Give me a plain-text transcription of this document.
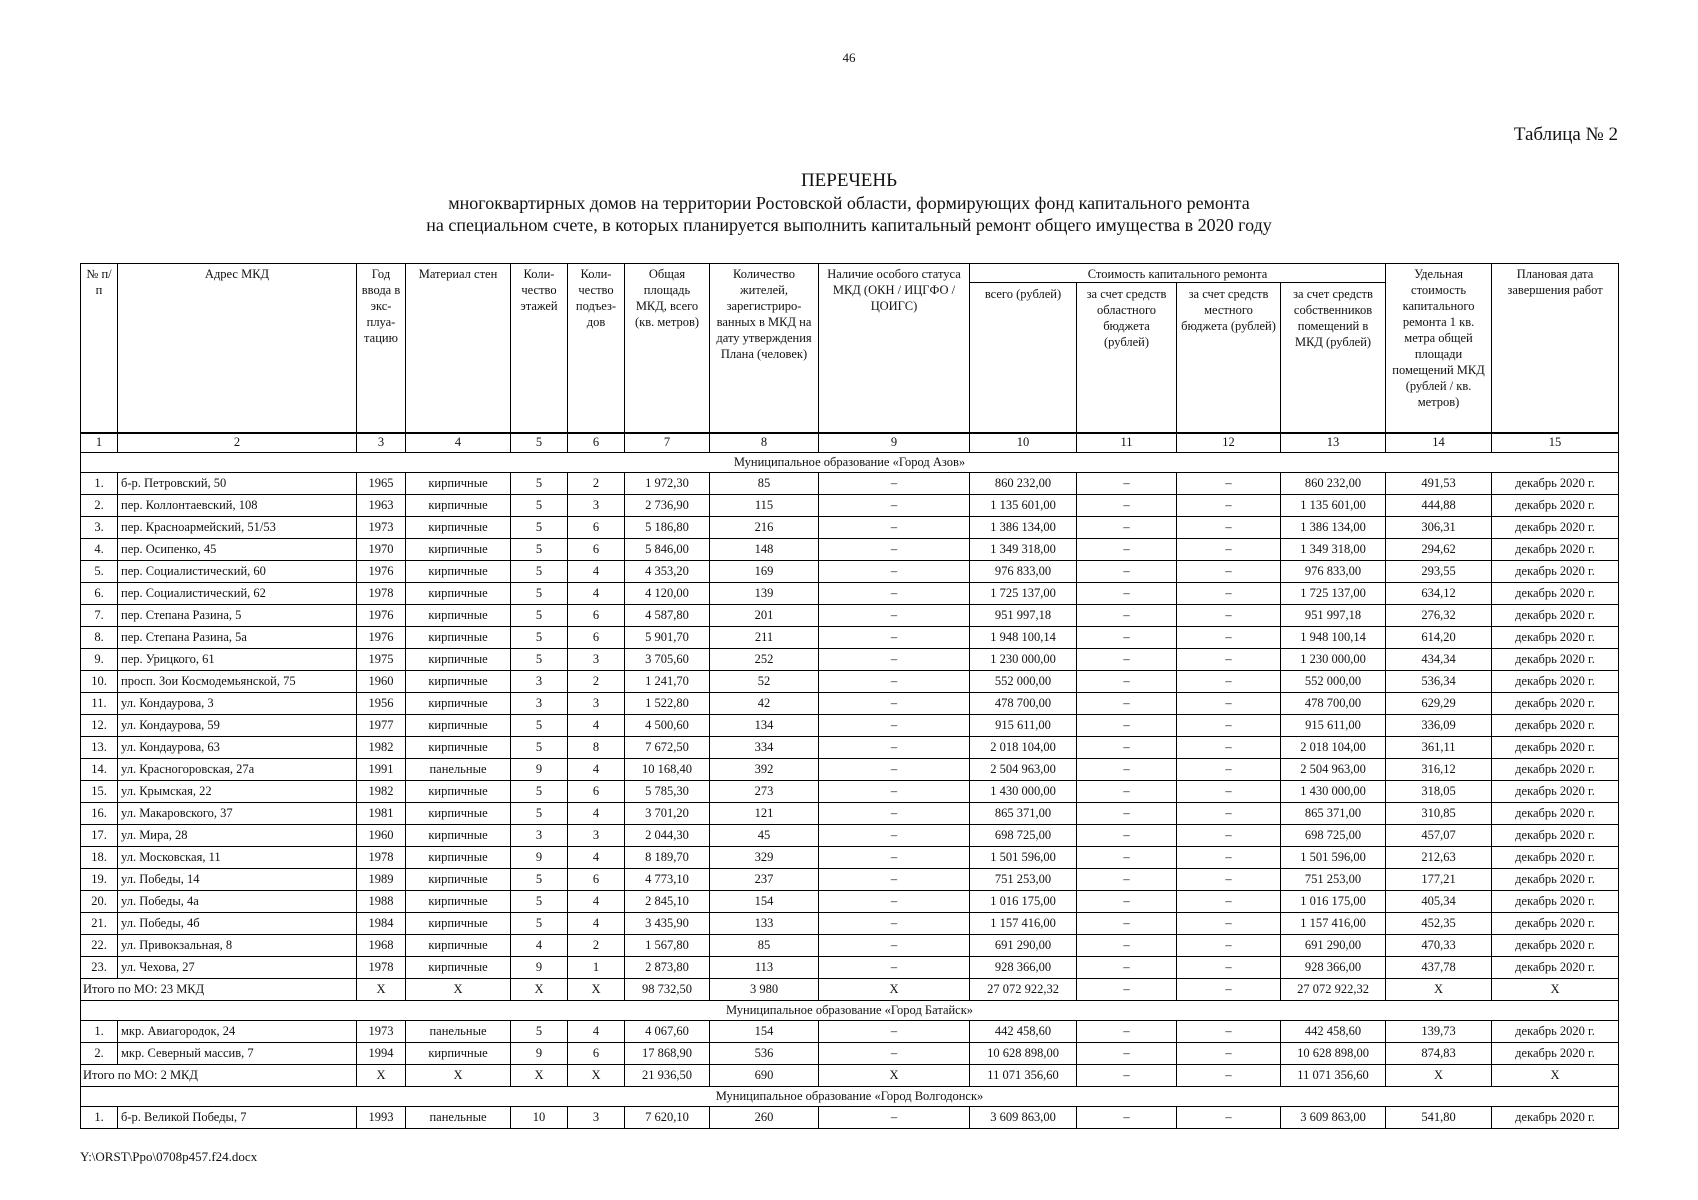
46
Таблица № 2
ПЕРЕЧЕНЬ
многоквартирных домов на территории Ростовской области, формирующих фонд капитального ремонта
на специальном счете, в которых планируется выполнить капитальный ремонт общего имущества в 2020 году
№ п/п	Адрес МКД	Год ввода в экс-плуа-тацию	Материал стен	Коли-чество этажей	Коли-чество подъез-дов	Общая площадь МКД, всего (кв. метров)	Количество жителей, зарегистриро-ванных в МКД на дату утверждения Плана (человек)	Наличие особого статуса МКД (ОКН / ИЦГФО / ЦОИГС)	Стоимость капитального ремонта				Удельная стоимость капитального ремонта 1 кв. метра общей площади помещений МКД (рублей / кв. метров)	Плановая дата завершения работ
									всего (рублей)	за счет средств областного бюджета (рублей)	за счет средств местного бюджета (рублей)	за счет средств собственников помещений в МКД (рублей)		
1	2	3	4	5	6	7	8	9	10	11	12	13	14	15
Муниципальное образование «Город Азов»														
1.	б-р. Петровский, 50	1965	кирпичные	5	2	1 972,30	85	–	860 232,00	–	–	860 232,00	491,53	декабрь 2020 г.
2.	пер. Коллонтаевский, 108	1963	кирпичные	5	3	2 736,90	115	–	1 135 601,00	–	–	1 135 601,00	444,88	декабрь 2020 г.
3.	пер. Красноармейский, 51/53	1973	кирпичные	5	6	5 186,80	216	–	1 386 134,00	–	–	1 386 134,00	306,31	декабрь 2020 г.
4.	пер. Осипенко, 45	1970	кирпичные	5	6	5 846,00	148	–	1 349 318,00	–	–	1 349 318,00	294,62	декабрь 2020 г.
5.	пер. Социалистический, 60	1976	кирпичные	5	4	4 353,20	169	–	976 833,00	–	–	976 833,00	293,55	декабрь 2020 г.
6.	пер. Социалистический, 62	1978	кирпичные	5	4	4 120,00	139	–	1 725 137,00	–	–	1 725 137,00	634,12	декабрь 2020 г.
7.	пер. Степана Разина, 5	1976	кирпичные	5	6	4 587,80	201	–	951 997,18	–	–	951 997,18	276,32	декабрь 2020 г.
8.	пер. Степана Разина, 5а	1976	кирпичные	5	6	5 901,70	211	–	1 948 100,14	–	–	1 948 100,14	614,20	декабрь 2020 г.
9.	пер. Урицкого, 61	1975	кирпичные	5	3	3 705,60	252	–	1 230 000,00	–	–	1 230 000,00	434,34	декабрь 2020 г.
10.	просп. Зои Космодемьянской, 75	1960	кирпичные	3	2	1 241,70	52	–	552 000,00	–	–	552 000,00	536,34	декабрь 2020 г.
11.	ул. Кондаурова, 3	1956	кирпичные	3	3	1 522,80	42	–	478 700,00	–	–	478 700,00	629,29	декабрь 2020 г.
12.	ул. Кондаурова, 59	1977	кирпичные	5	4	4 500,60	134	–	915 611,00	–	–	915 611,00	336,09	декабрь 2020 г.
13.	ул. Кондаурова, 63	1982	кирпичные	5	8	7 672,50	334	–	2 018 104,00	–	–	2 018 104,00	361,11	декабрь 2020 г.
14.	ул. Красногоровская, 27а	1991	панельные	9	4	10 168,40	392	–	2 504 963,00	–	–	2 504 963,00	316,12	декабрь 2020 г.
15.	ул. Крымская, 22	1982	кирпичные	5	6	5 785,30	273	–	1 430 000,00	–	–	1 430 000,00	318,05	декабрь 2020 г.
16.	ул. Макаровского, 37	1981	кирпичные	5	4	3 701,20	121	–	865 371,00	–	–	865 371,00	310,85	декабрь 2020 г.
17.	ул. Мира, 28	1960	кирпичные	3	3	2 044,30	45	–	698 725,00	–	–	698 725,00	457,07	декабрь 2020 г.
18.	ул. Московская, 11	1978	кирпичные	9	4	8 189,70	329	–	1 501 596,00	–	–	1 501 596,00	212,63	декабрь 2020 г.
19.	ул. Победы, 14	1989	кирпичные	5	6	4 773,10	237	–	751 253,00	–	–	751 253,00	177,21	декабрь 2020 г.
20.	ул. Победы, 4а	1988	кирпичные	5	4	2 845,10	154	–	1 016 175,00	–	–	1 016 175,00	405,34	декабрь 2020 г.
21.	ул. Победы, 4б	1984	кирпичные	5	4	3 435,90	133	–	1 157 416,00	–	–	1 157 416,00	452,35	декабрь 2020 г.
22.	ул. Привокзальная, 8	1968	кирпичные	4	2	1 567,80	85	–	691 290,00	–	–	691 290,00	470,33	декабрь 2020 г.
23.	ул. Чехова, 27	1978	кирпичные	9	1	2 873,80	113	–	928 366,00	–	–	928 366,00	437,78	декабрь 2020 г.
Итого по МО: 23 МКД		X	X	X	X	98 732,50	3 980	X	27 072 922,32	–	–	27 072 922,32	X	X
Муниципальное образование «Город Батайск»														
1.	мкр. Авиагородок, 24	1973	панельные	5	4	4 067,60	154	–	442 458,60	–	–	442 458,60	139,73	декабрь 2020 г.
2.	мкр. Северный массив, 7	1994	кирпичные	9	6	17 868,90	536	–	10 628 898,00	–	–	10 628 898,00	874,83	декабрь 2020 г.
Итого по МО: 2 МКД		X	X	X	X	21 936,50	690	X	11 071 356,60	–	–	11 071 356,60	X	X
Муниципальное образование «Город Волгодонск»														
1.	б-р. Великой Победы, 7	1993	панельные	10	3	7 620,10	260	–	3 609 863,00	–	–	3 609 863,00	541,80	декабрь 2020 г.
Y:\ORST\Ppo\0708p457.f24.docx
